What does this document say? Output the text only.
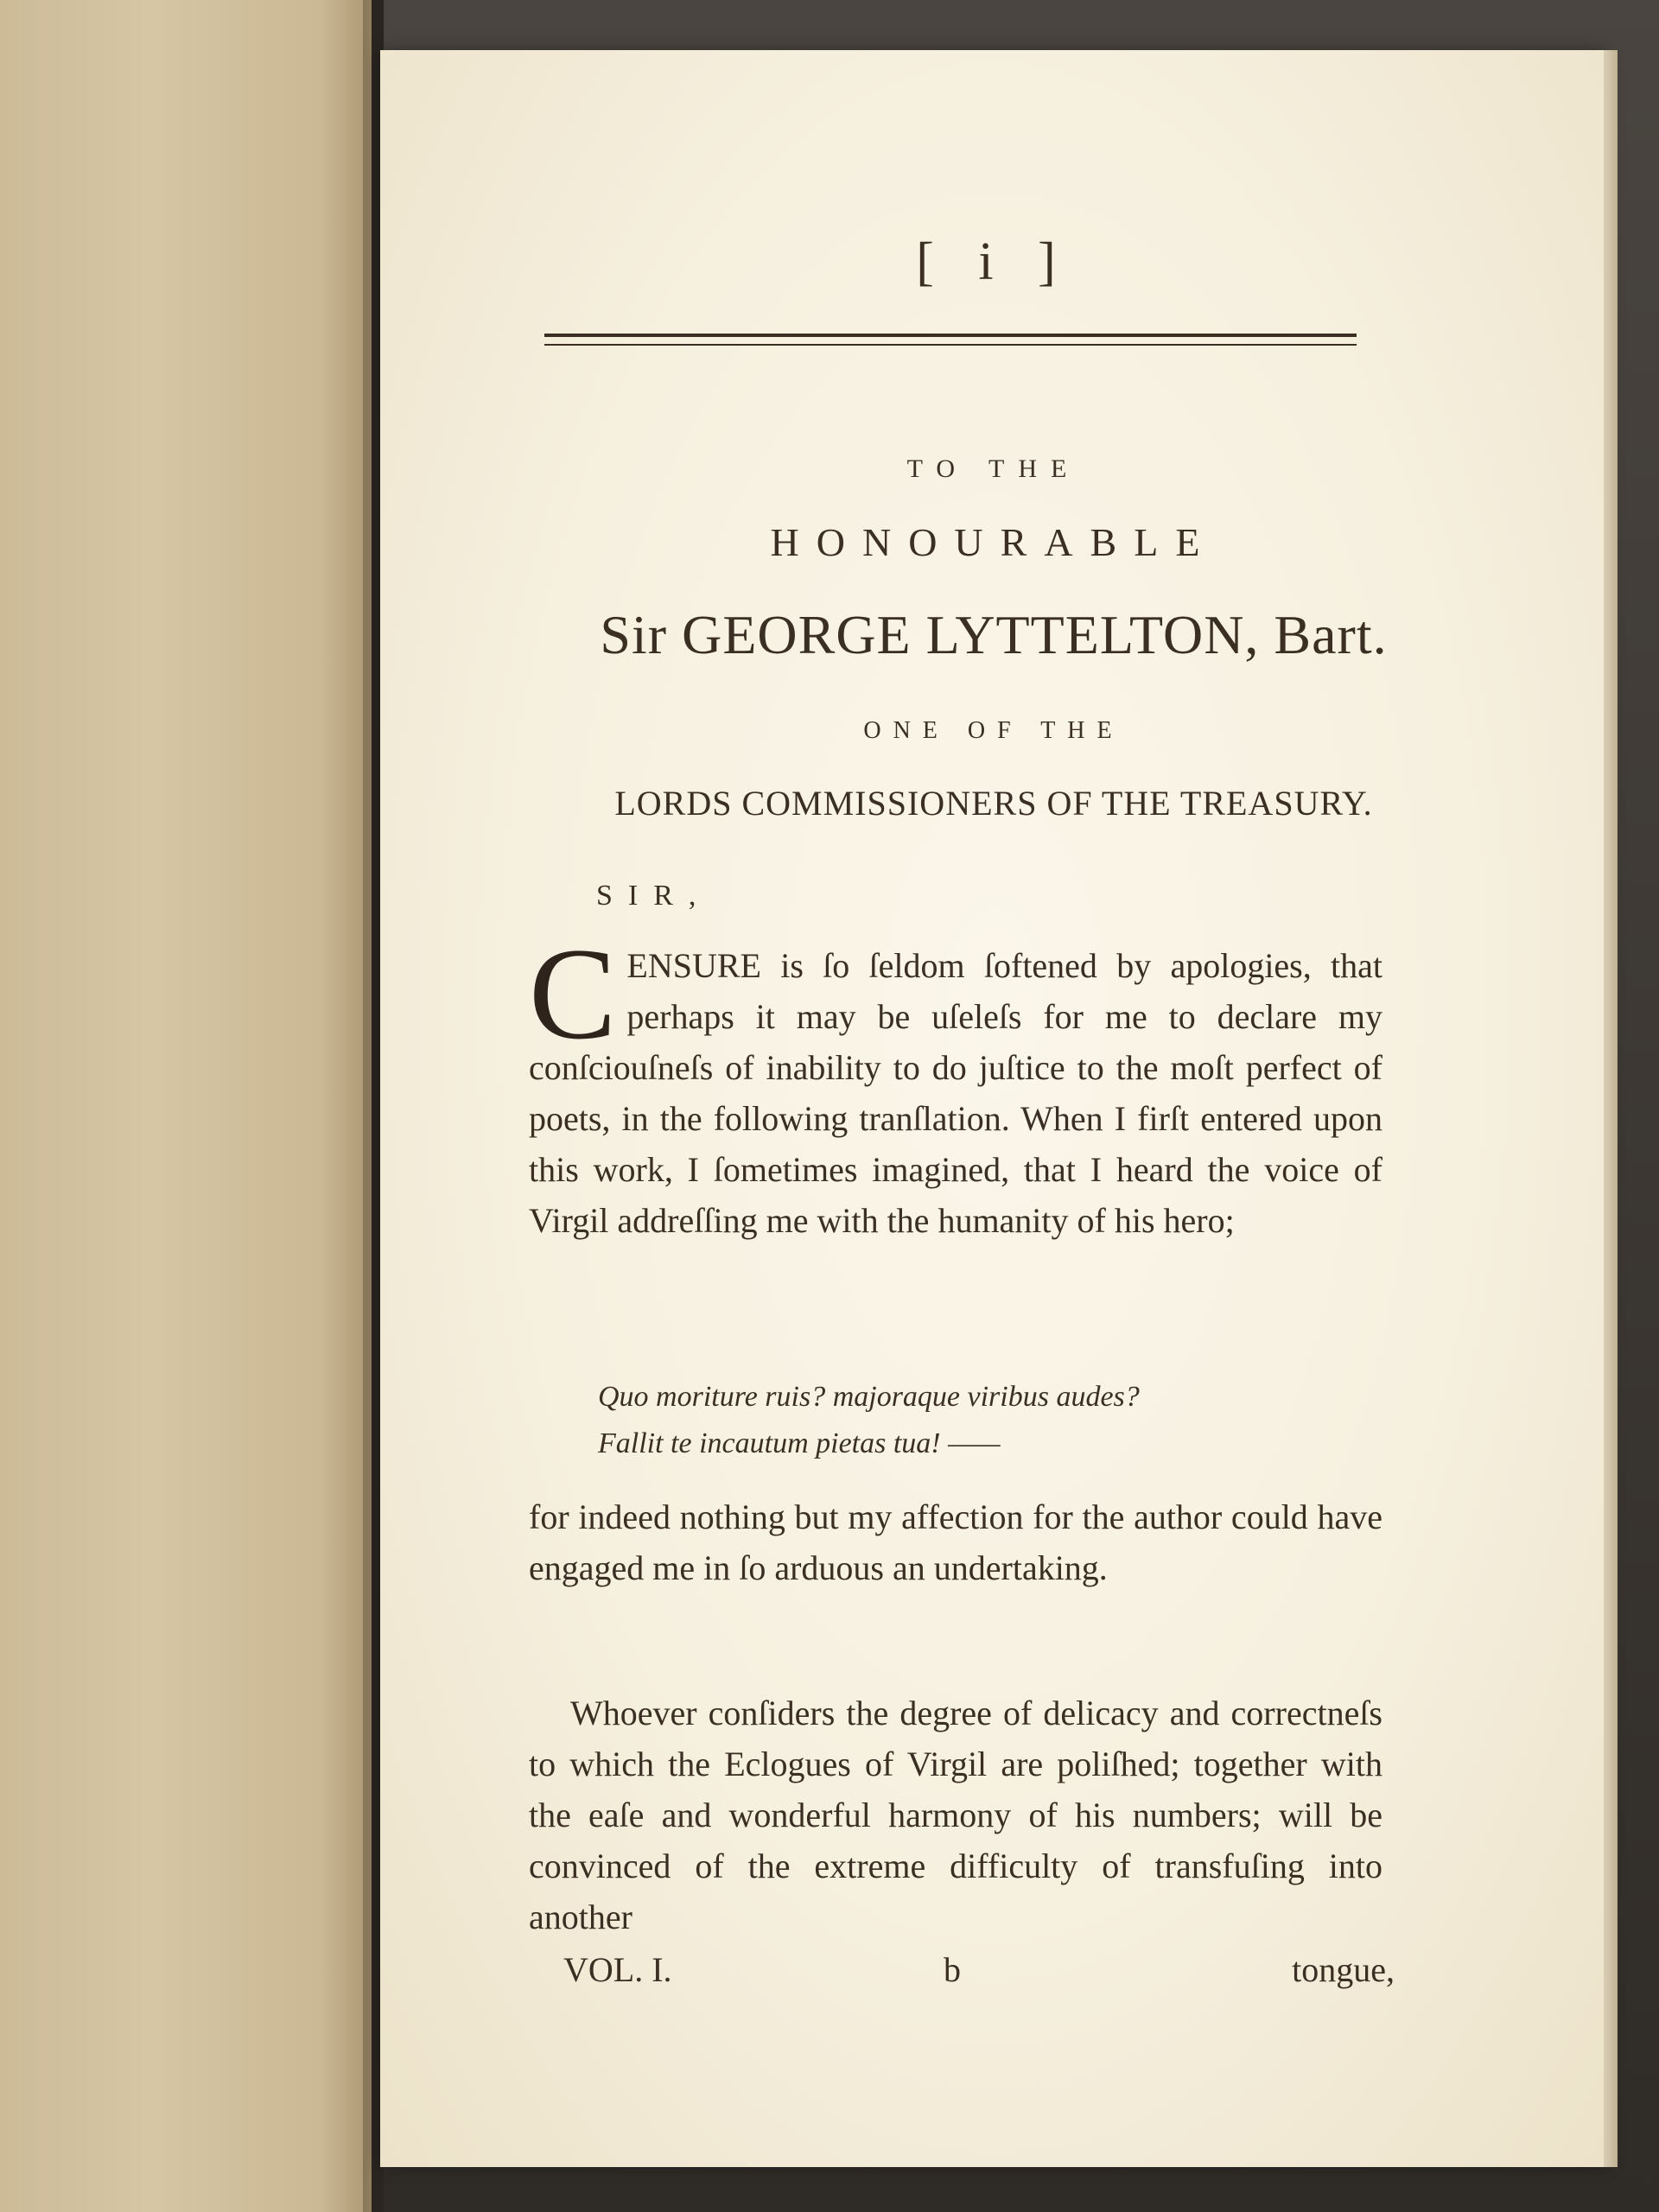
[ i ]
TO THE
HONOURABLE
Sir GEORGE LYTTELTON, Bart.
ONE OF THE
LORDS COMMISSIONERS OF THE TREASURY.
SIR,
C ENSURE is ſo ſeldom ſoftened by apologies, that perhaps it may be uſeleſs for me to declare my conſciouſneſs of inability to do juſtice to the moſt perfect of poets, in the following tranſlation. When I firſt entered upon this work, I ſometimes imagined, that I heard the voice of Virgil addreſſing me with the humanity of his hero;
Quo moriture ruis? majoraque viribus audes?
Fallit te incautum pietas tua! ——
for indeed nothing but my affection for the author could have engaged me in ſo arduous an undertaking.
Whoever conſiders the degree of delicacy and correctneſs to which the Eclogues of Virgil are poliſhed; together with the eaſe and wonderful harmony of his numbers; will be convinced of the extreme difficulty of transfuſing into another
VOL. I.	b	tongue,
